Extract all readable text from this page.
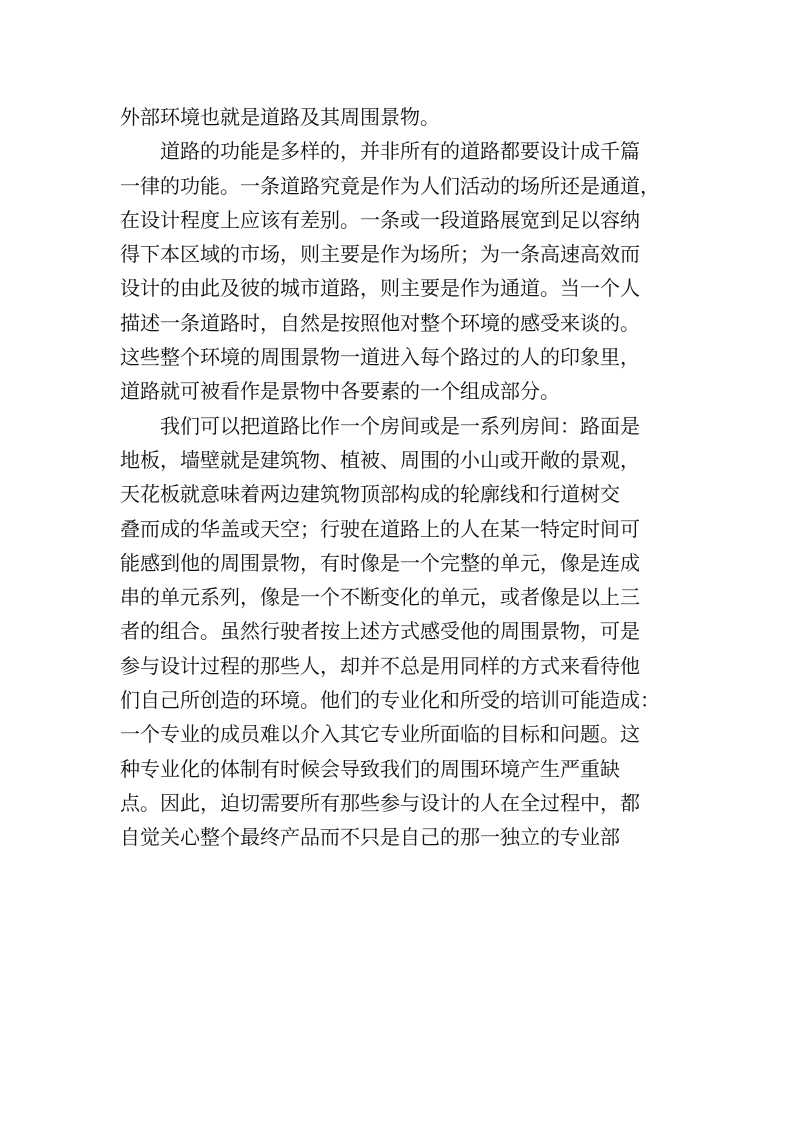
外部环境也就是道路及其周围景物。
道路的功能是多样的，并非所有的道路都要设计成千篇
一律的功能。一条道路究竟是作为人们活动的场所还是通道，
在设计程度上应该有差别。一条或一段道路展宽到足以容纳
得下本区域的市场，则主要是作为场所；为一条高速高效而
设计的由此及彼的城市道路，则主要是作为通道。当一个人
描述一条道路时，自然是按照他对整个环境的感受来谈的。
这些整个环境的周围景物一道进入每个路过的人的印象里，
道路就可被看作是景物中各要素的一个组成部分。
我们可以把道路比作一个房间或是一系列房间：路面是
地板，墙壁就是建筑物、植被、周围的小山或开敞的景观，
天花板就意味着两边建筑物顶部构成的轮廓线和行道树交
叠而成的华盖或天空；行驶在道路上的人在某一特定时间可
能感到他的周围景物，有时像是一个完整的单元，像是连成
串的单元系列，像是一个不断变化的单元，或者像是以上三
者的组合。虽然行驶者按上述方式感受他的周围景物，可是
参与设计过程的那些人，却并不总是用同样的方式来看待他
们自己所创造的环境。他们的专业化和所受的培训可能造成：
一个专业的成员难以介入其它专业所面临的目标和问题。这
种专业化的体制有时候会导致我们的周围环境产生严重缺
点。因此，迫切需要所有那些参与设计的人在全过程中，都
自觉关心整个最终产品而不只是自己的那一独立的专业部
